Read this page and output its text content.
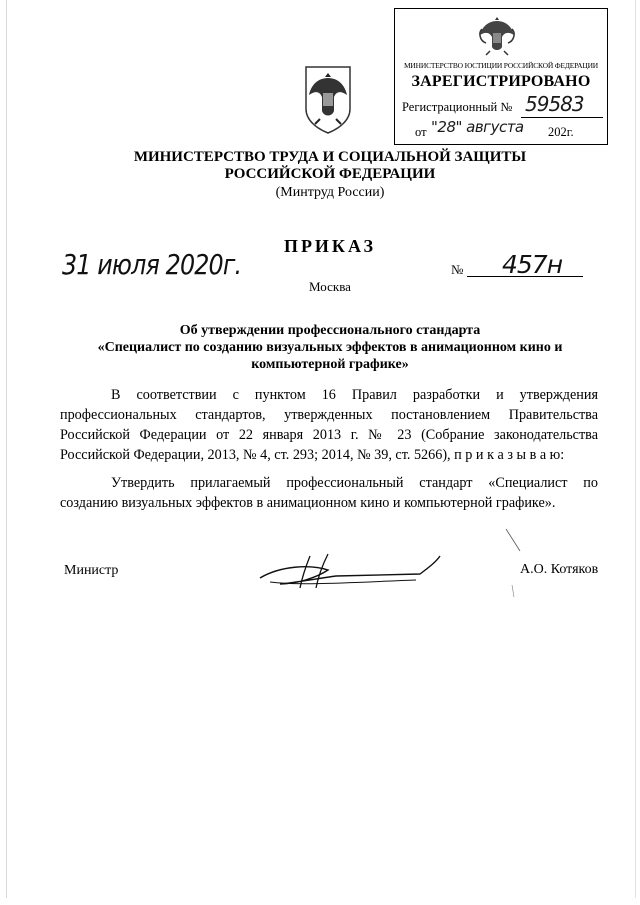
МИНИСТЕРСТВО ЮСТИЦИИ РОССИЙСКОЙ ФЕДЕРАЦИИ
ЗАРЕГИСТРИРОВАНО
Регистрационный № 59583
от "28" августа 202г.
МИНИСТЕРСТВО ТРУДА И СОЦИАЛЬНОЙ ЗАЩИТЫ
РОССИЙСКОЙ ФЕДЕРАЦИИ
(Минтруд России)
ПРИКАЗ
31 июля 2020г.	№ 457н
Москва
Об утверждении профессионального стандарта
«Специалист по созданию визуальных эффектов в анимационном кино и
компьютерной графике»
В соответствии с пунктом 16 Правил разработки и утверждения профессиональных стандартов, утвержденных постановлением Правительства Российской Федерации от 22 января 2013 г. № 23 (Собрание законодательства Российской Федерации, 2013, № 4, ст. 293; 2014, № 39, ст. 5266), п р и к а з ы в а ю:
Утвердить прилагаемый профессиональный стандарт «Специалист по созданию визуальных эффектов в анимационном кино и компьютерной графике».
Министр	А.О. Котяков
